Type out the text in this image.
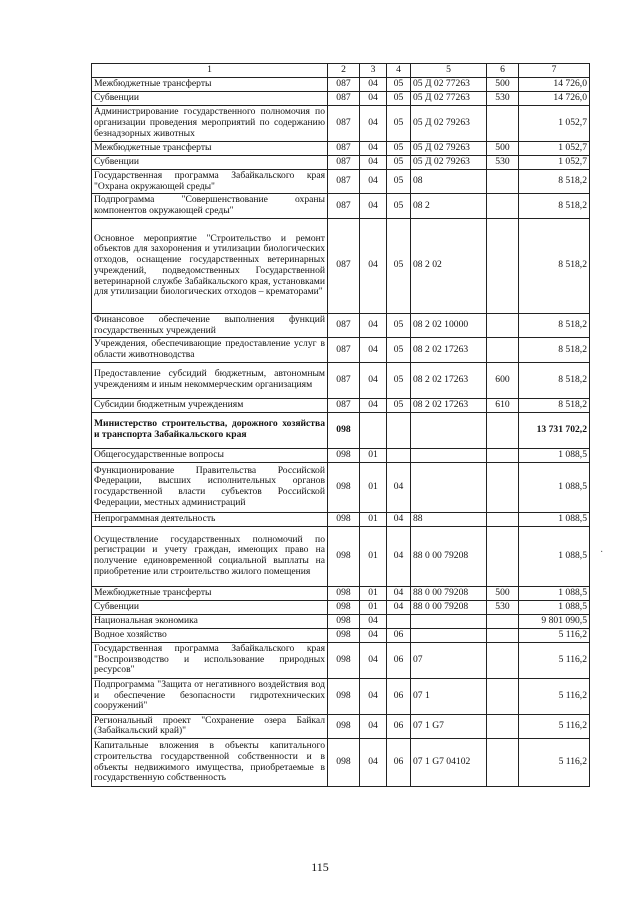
1	2	3	4	5	6	7
Межбюджетные трансферты	087	04	05	05 Д 02 77263	500	14 726,0
Субвенции	087	04	05	05 Д 02 77263	530	14 726,0
Администрирование государственного полномочия по организации проведения мероприятий по содержанию безнадзорных животных	087	04	05	05 Д 02 79263		1 052,7
Межбюджетные трансферты	087	04	05	05 Д 02 79263	500	1 052,7
Субвенции	087	04	05	05 Д 02 79263	530	1 052,7
Государственная программа Забайкальского края "Охрана окружающей среды"	087	04	05	08		8 518,2
Подпрограмма "Совершенствование охраны компонентов окружающей среды"	087	04	05	08 2		8 518,2
Основное мероприятие "Строительство и ремонт объектов для захоронения и утилизации биологических отходов, оснащение государственных ветеринарных учреждений, подведомственных Государственной ветеринарной службе Забайкальского края, установками для утилизации биологических отходов – крематорами"	087	04	05	08 2 02		8 518,2
Финансовое обеспечение выполнения функций государственных учреждений	087	04	05	08 2 02 10000		8 518,2
Учреждения, обеспечивающие предоставление услуг в области животноводства	087	04	05	08 2 02 17263		8 518,2
Предоставление субсидий бюджетным, автономным учреждениям и иным некоммерческим организациям	087	04	05	08 2 02 17263	600	8 518,2
Субсидии бюджетным учреждениям	087	04	05	08 2 02 17263	610	8 518,2
Министерство строительства, дорожного хозяйства и транспорта Забайкальского края	098					13 731 702,2
Общегосударственные вопросы	098	01				1 088,5
Функционирование Правительства Российской Федерации, высших исполнительных органов государственной власти субъектов Российской Федерации, местных администраций	098	01	04			1 088,5
Непрограммная деятельность	098	01	04	88		1 088,5
Осуществление государственных полномочий по регистрации и учету граждан, имеющих право на получение единовременной социальной выплаты на приобретение или строительство жилого помещения	098	01	04	88 0 00 79208		1 088,5
Межбюджетные трансферты	098	01	04	88 0 00 79208	500	1 088,5
Субвенции	098	01	04	88 0 00 79208	530	1 088,5
Национальная экономика	098	04				9 801 090,5
Водное хозяйство	098	04	06			5 116,2
Государственная программа Забайкальского края "Воспроизводство и использование природных ресурсов"	098	04	06	07		5 116,2
Подпрограмма "Защита от негативного воздействия вод и обеспечение безопасности гидротехнических сооружений"	098	04	06	07 1		5 116,2
Региональный проект "Сохранение озера Байкал (Забайкальский край)"	098	04	06	07 1 G7		5 116,2
Капитальные вложения в объекты капитального строительства государственной собственности и в объекты недвижимого имущества, приобретаемые в государственную собственность	098	04	06	07 1 G7 04102		5 116,2
·
115
